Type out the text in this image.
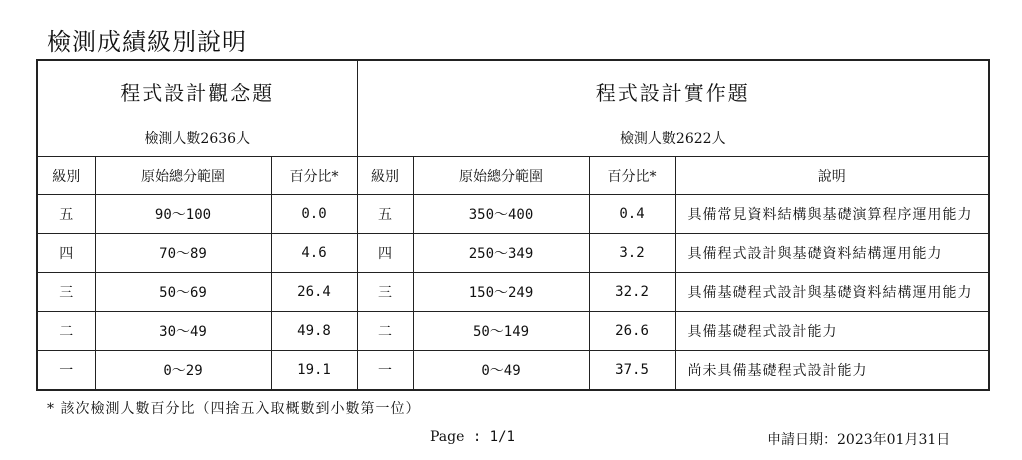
檢測成績級別說明
程式設計觀念題			程式設計實作題			
檢測人數2636人			檢測人數2622人			
級別	原始總分範圍	百分比*	級別	原始總分範圍	百分比*	說明
五	90～100	0.0	五	350～400	0.4	具備常見資料結構與基礎演算程序運用能力
四	70～89	4.6	四	250～349	3.2	具備程式設計與基礎資料結構運用能力
三	50～69	26.4	三	150～249	32.2	具備基礎程式設計與基礎資料結構運用能力
二	30～49	49.8	二	50～149	26.6	具備基礎程式設計能力
一	0～29	19.1	一	0～49	37.5	尚未具備基礎程式設計能力
* 該次檢測人數百分比（四捨五入取概數到小數第一位）
Page : 1/1	申請日期：2023年01月31日
